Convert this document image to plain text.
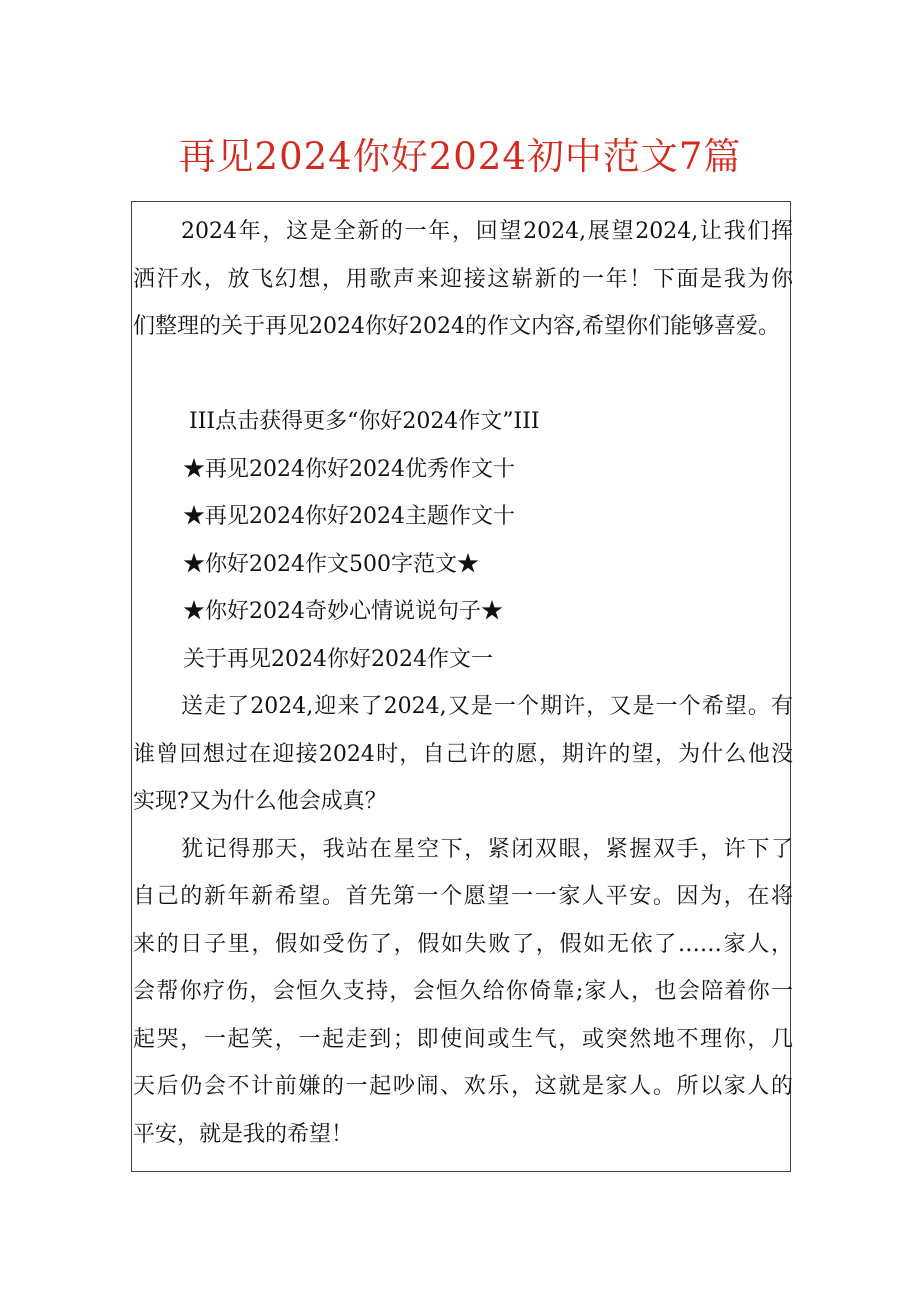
再见2024你好2024初中范文7篇
2024年，这是全新的一年，回望2024,展望2024,让我们挥
洒汗水，放飞幻想，用歌声来迎接这崭新的一年！下面是我为你
们整理的关于再见2024你好2024的作文内容,希望你们能够喜爱。
III点击获得更多“你好2024作文”III
★再见2024你好2024优秀作文十
★再见2024你好2024主题作文十
★你好2024作文500字范文★
★你好2024奇妙心情说说句子★
关于再见2024你好2024作文一
送走了2024,迎来了2024,又是一个期许，又是一个希望。有
谁曾回想过在迎接2024时，自己许的愿，期许的望，为什么他没
实现?又为什么他会成真？
犹记得那天，我站在星空下，紧闭双眼，紧握双手，许下了
自己的新年新希望。首先第一个愿望一一家人平安。因为，在将
来的日子里，假如受伤了，假如失败了，假如无依了……家人，
会帮你疗伤，会恒久支持，会恒久给你倚靠;家人，也会陪着你一
起哭，一起笑，一起走到；即使间或生气，或突然地不理你，几
天后仍会不计前嫌的一起吵闹、欢乐，这就是家人。所以家人的
平安，就是我的希望！
